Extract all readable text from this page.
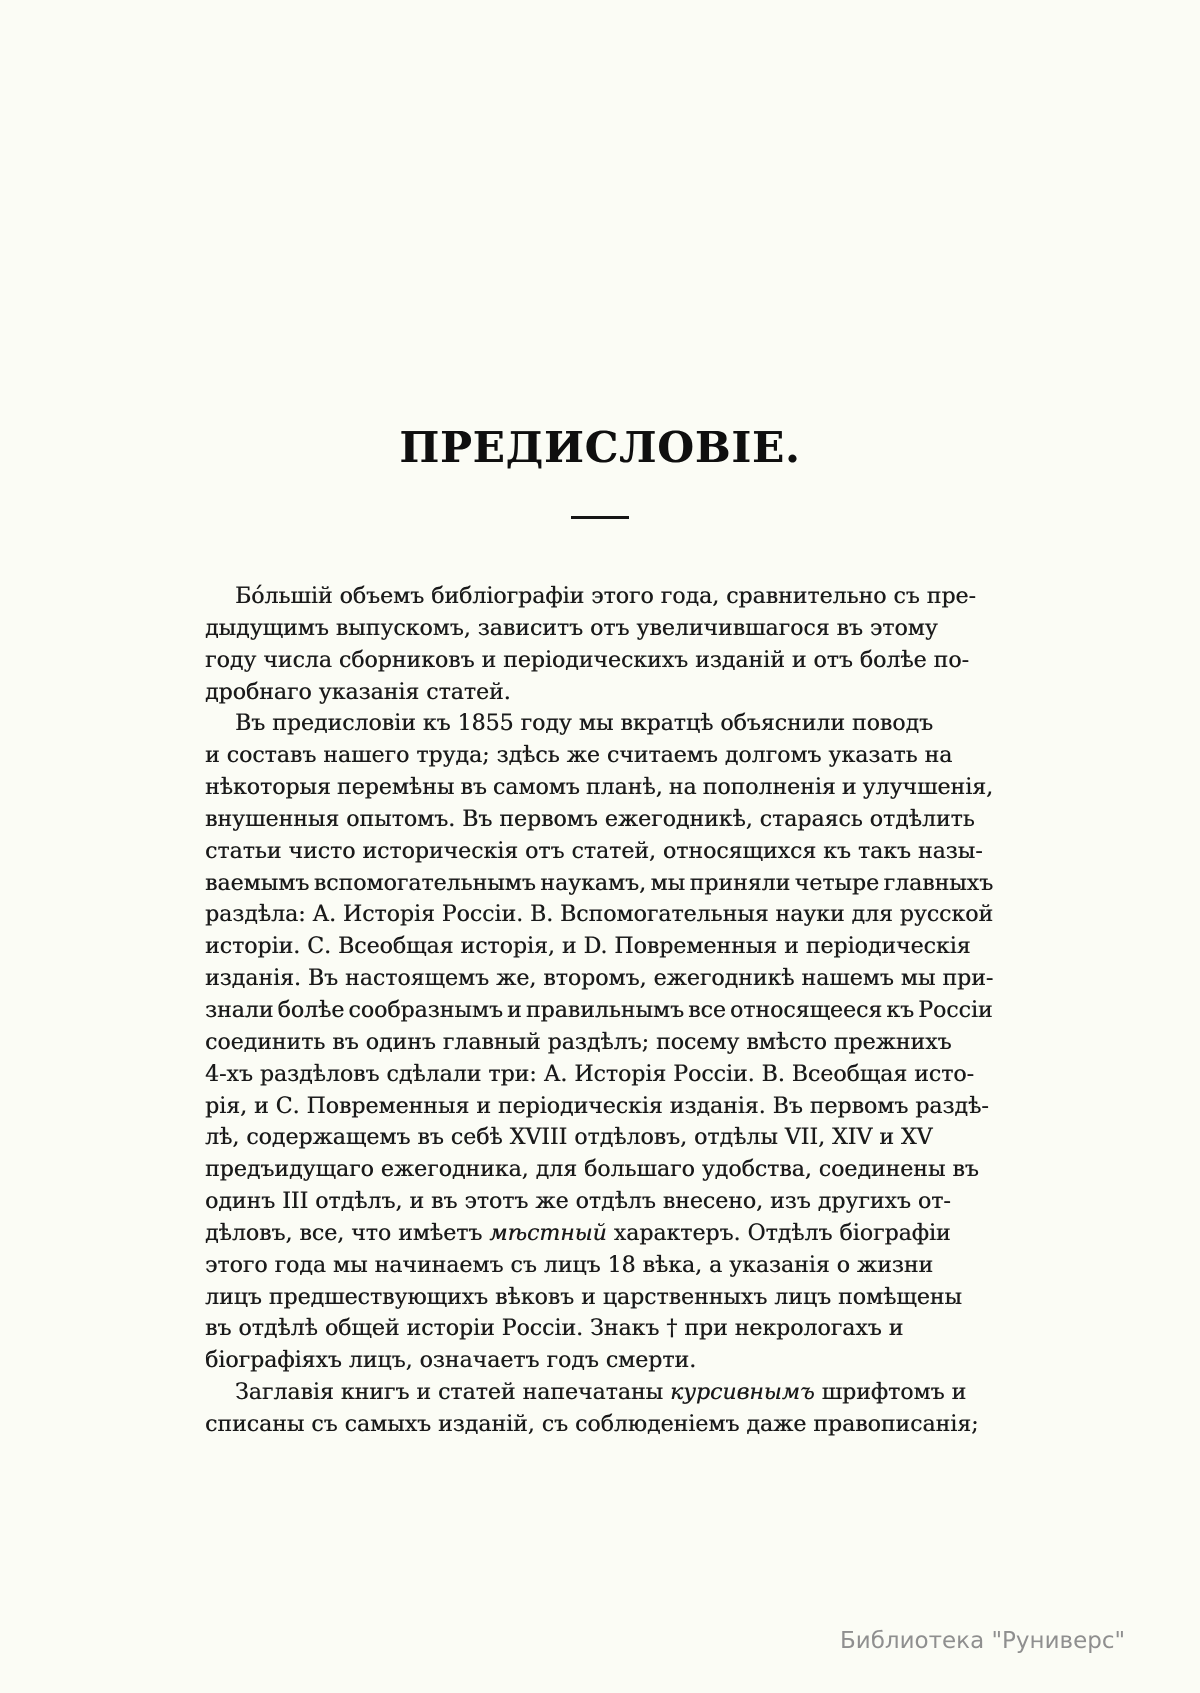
ПРЕДИСЛОВІЕ.
Бо́льшій объемъ библіографіи этого года, сравнительно съ пре-
дыдущимъ выпускомъ, зависитъ отъ увеличившагося въ этому
году числа сборниковъ и періодическихъ изданій и отъ болѣе по-
дробнаго указанія статей.
Въ предисловіи къ 1855 году мы вкратцѣ объяснили поводъ
и составъ нашего труда; здѣсь же считаемъ долгомъ указать на
нѣкоторыя перемѣны въ самомъ планѣ, на пополненія и улучшенія,
внушенныя опытомъ. Въ первомъ ежегодникѣ, стараясь отдѣлить
статьи чисто историческія отъ статей, относящихся къ такъ назы-
ваемымъ вспомогательнымъ наукамъ, мы приняли четыре главныхъ
раздѣла: А. Исторія Россіи. В. Вспомогательныя науки для русской
исторіи. С. Всеобщая исторія, и D. Повременныя и періодическія
изданія. Въ настоящемъ же, второмъ, ежегодникѣ нашемъ мы при-
знали болѣе сообразнымъ и правильнымъ все относящееся къ Россіи
соединить въ одинъ главный раздѣлъ; посему вмѣсто прежнихъ
4-хъ раздѣловъ сдѣлали три: А. Исторія Россіи. В. Всеобщая исто-
рія, и С. Повременныя и періодическія изданія. Въ первомъ раздѣ-
лѣ, содержащемъ въ себѣ XVIII отдѣловъ, отдѣлы VII, XIV и XV
предъидущаго ежегодника, для большаго удобства, соединены въ
одинъ III отдѣлъ, и въ этотъ же отдѣлъ внесено, изъ другихъ от-
дѣловъ, все, что имѣетъ мѣстный характеръ. Отдѣлъ біографіи
этого года мы начинаемъ съ лицъ 18 вѣка, а указанія о жизни
лицъ предшествующихъ вѣковъ и царственныхъ лицъ помѣщены
въ отдѣлѣ общей исторіи Россіи. Знакъ † при некрологахъ и
біографіяхъ лицъ, означаетъ годъ смерти.
Заглавія книгъ и статей напечатаны курсивнымъ шрифтомъ и
списаны съ самыхъ изданій, съ соблюденіемъ даже правописанія;
Библиотека "Руниверс"
